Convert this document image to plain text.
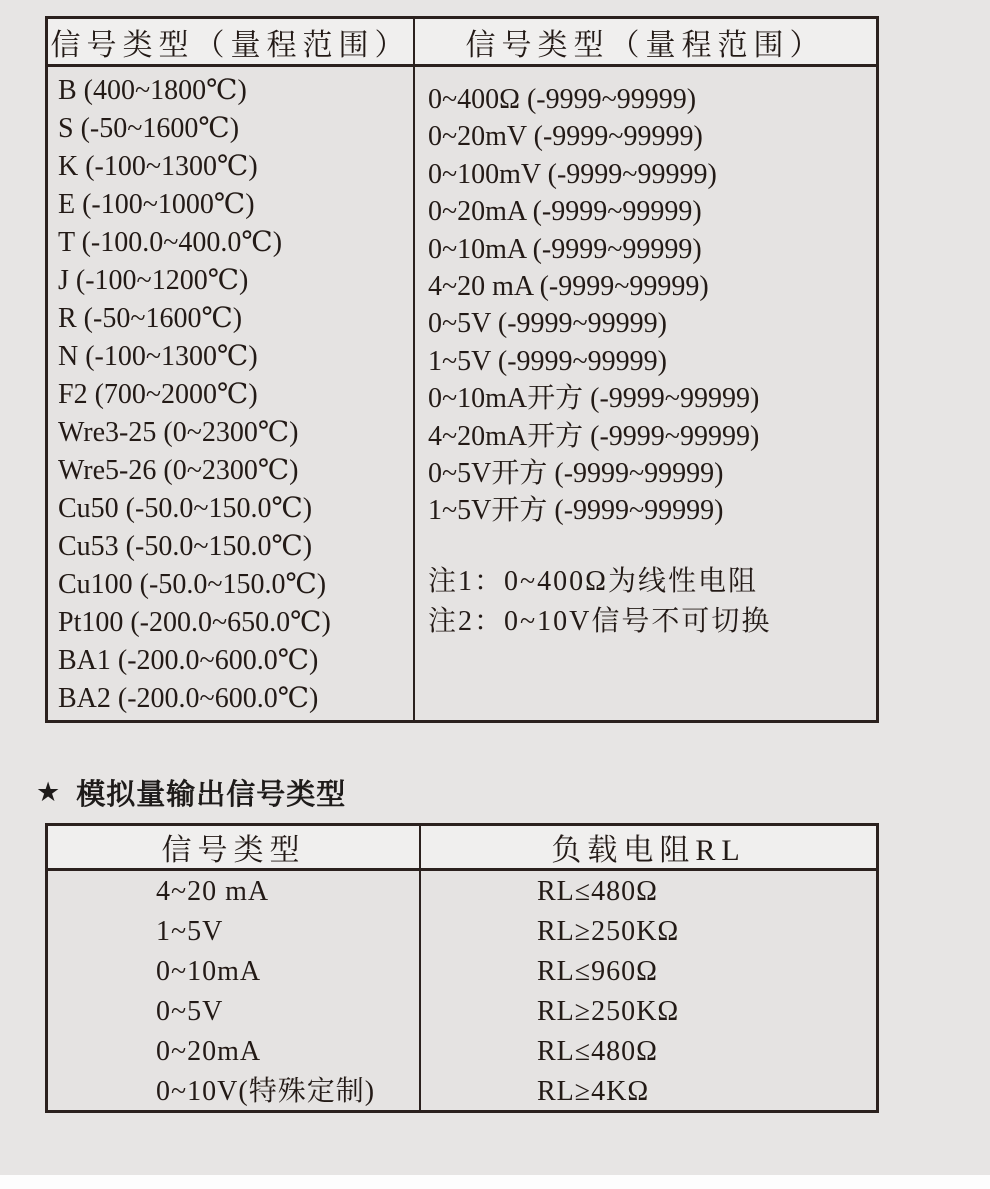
信号类型（量程范围）	信号类型（量程范围）
B (400~1800℃)
S (-50~1600℃)
K (-100~1300℃)
E (-100~1000℃)
T (-100.0~400.0℃)
J (-100~1200℃)
R (-50~1600℃)
N (-100~1300℃)
F2 (700~2000℃)
Wre3-25 (0~2300℃)
Wre5-26 (0~2300℃)
Cu50 (-50.0~150.0℃)
Cu53 (-50.0~150.0℃)
Cu100 (-50.0~150.0℃)
Pt100 (-200.0~650.0℃)
BA1 (-200.0~600.0℃)
BA2 (-200.0~600.0℃)
0~400Ω (-9999~99999)
0~20mV (-9999~99999)
0~100mV (-9999~99999)
0~20mA (-9999~99999)
0~10mA (-9999~99999)
4~20 mA (-9999~99999)
0~5V (-9999~99999)
1~5V (-9999~99999)
0~10mA开方 (-9999~99999)
4~20mA开方 (-9999~99999)
0~5V开方 (-9999~99999)
1~5V开方 (-9999~99999)
注1：0~400Ω为线性电阻
注2：0~10V信号不可切换
★ 模拟量输出信号类型
信号类型	负载电阻RL
4~20 mA
1~5V
0~10mA
0~5V
0~20mA
0~10V(特殊定制)
RL≤480Ω
RL≥250KΩ
RL≤960Ω
RL≥250KΩ
RL≤480Ω
RL≥4KΩ
